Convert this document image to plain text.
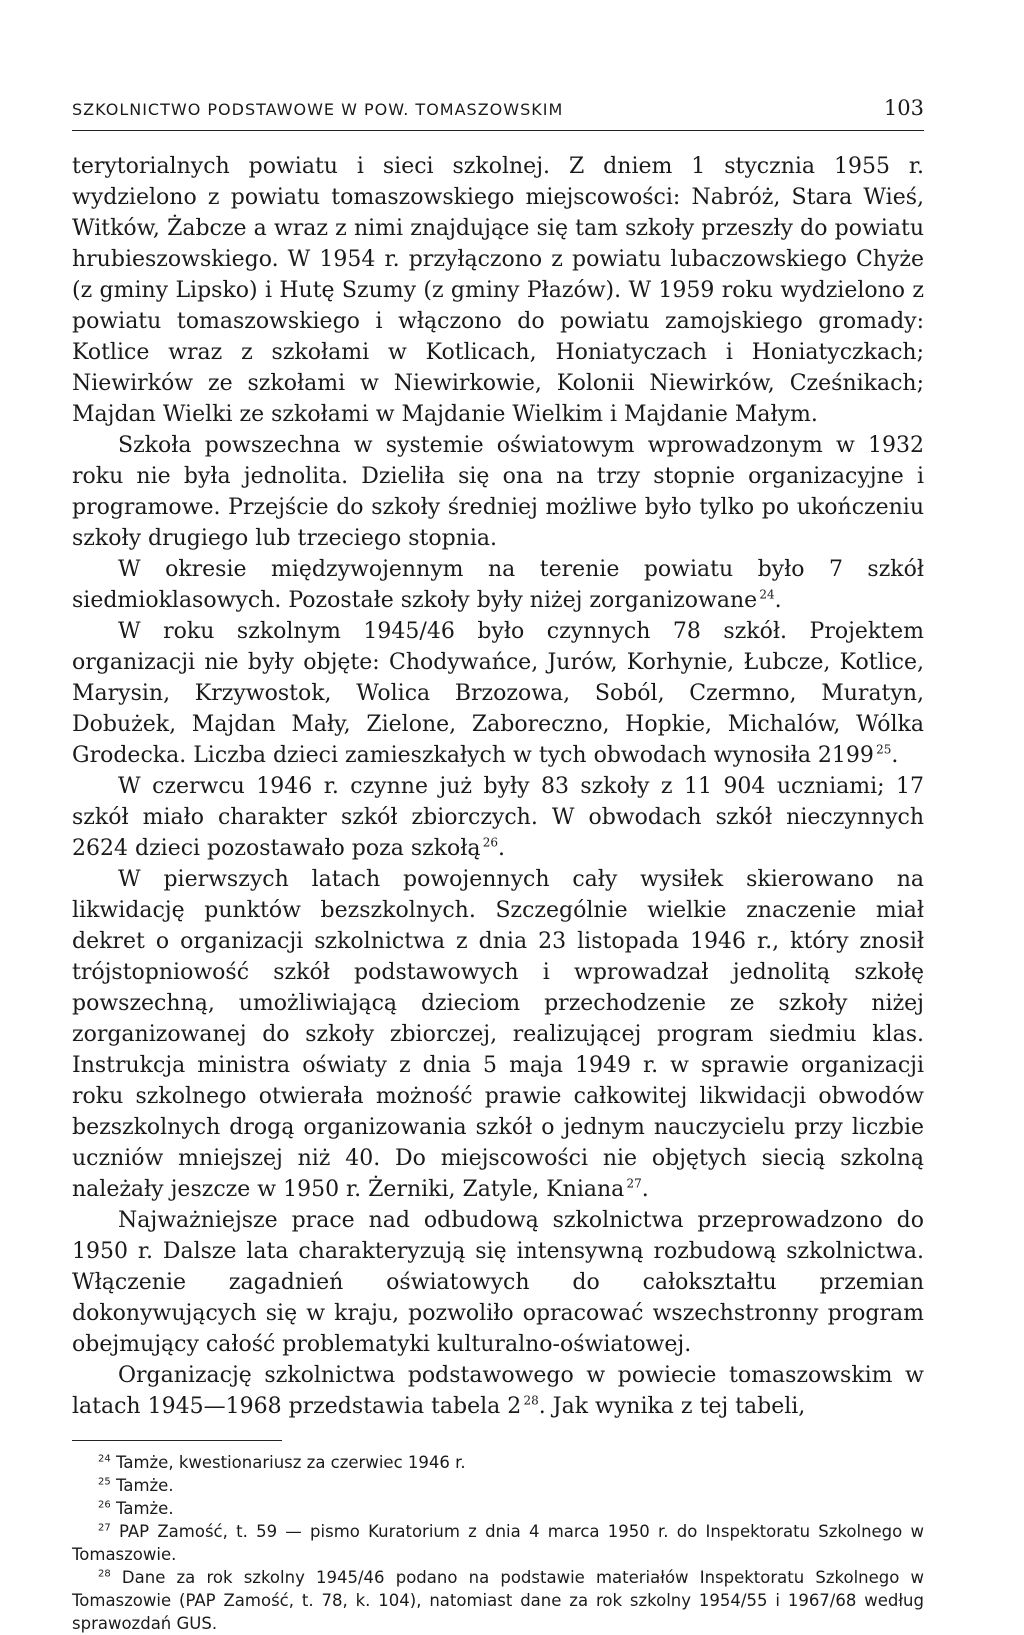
SZKOLNICTWO PODSTAWOWE W POW. TOMASZOWSKIM	103

terytorialnych powiatu i sieci szkolnej. Z dniem 1 stycznia 1955 r. wydzielono z powiatu tomaszowskiego miejscowości: Nabróż, Stara Wieś, Witków, Żabcze a wraz z nimi znajdujące się tam szkoły przeszły do powiatu hrubieszowskiego. W 1954 r. przyłączono z powiatu lubaczowskiego Chyże (z gminy Lipsko) i Hutę Szumy (z gminy Płazów). W 1959 roku wydzielono z powiatu tomaszowskiego i włączono do powiatu zamojskiego gromady: Kotlice wraz z szkołami w Kotlicach, Honiatyczach i Honiatyczkach; Niewirków ze szkołami w Niewirkowie, Kolonii Niewirków, Cześnikach; Majdan Wielki ze szkołami w Majdanie Wielkim i Majdanie Małym.

Szkoła powszechna w systemie oświatowym wprowadzonym w 1932 roku nie była jednolita. Dzieliła się ona na trzy stopnie organizacyjne i programowe. Przejście do szkoły średniej możliwe było tylko po ukończeniu szkoły drugiego lub trzeciego stopnia.

W okresie międzywojennym na terenie powiatu było 7 szkół siedmioklasowych. Pozostałe szkoły były niżej zorganizowane  $^{24}$.

W roku szkolnym 1945/46 było czynnych 78 szkół. Projektem organizacji nie były objęte: Chodywańce, Jurów, Korhynie, Łubcze, Kotlice, Marysin, Krzywostok, Wolica Brzozowa, Soból, Czermno, Muratyn, Dobużek, Majdan Mały, Zielone, Zaboreczno, Hopkie, Michalów, Wólka Grodecka. Liczba dzieci zamieszkałych w tych obwodach wynosiła 2199  $^{25}$.

W czerwcu 1946 r. czynne już były 83 szkoły z 11 904 uczniami; 17 szkół miało charakter szkół zbiorczych. W obwodach szkół nieczynnych 2624 dzieci pozostawało poza szkołą  $^{26}$.

W pierwszych latach powojennych cały wysiłek skierowano na likwidację punktów bezszkolnych. Szczególnie wielkie znaczenie miał dekret o organizacji szkolnictwa z dnia 23 listopada 1946 r., który znosił trójstopniowość szkół podstawowych i wprowadzał jednolitą szkołę powszechną, umożliwiającą dzieciom przechodzenie ze szkoły niżej zorganizowanej do szkoły zbiorczej, realizującej program siedmiu klas. Instrukcja ministra oświaty z dnia 5 maja 1949 r. w sprawie organizacji roku szkolnego otwierała możność prawie całkowitej likwidacji obwodów bezszkolnych drogą organizowania szkół o jednym nauczycielu przy liczbie uczniów mniejszej niż 40. Do miejscowości nie objętych siecią szkolną należały jeszcze w 1950 r. Żerniki, Zatyle, Kniana  $^{27}$.

Najważniejsze prace nad odbudową szkolnictwa przeprowadzono do 1950 r. Dalsze lata charakteryzują się intensywną rozbudową szkolnictwa. Włączenie zagadnień oświatowych do całokształtu przemian dokonywujących się w kraju, pozwoliło opracować wszechstronny program obejmujący całość problematyki kulturalno-oświatowej.

Organizację szkolnictwa podstawowego w powiecie tomaszowskim w latach 1945—1968 przedstawia tabela 2  $^{28}$. Jak wynika z tej tabeli,

$^{24}$ Tamże, kwestionariusz za czerwiec 1946 r.

$^{25}$ Tamże.

$^{26}$ Tamże.

$^{27}$ PAP Zamość, t. 59 — pismo Kuratorium z dnia 4 marca 1950 r. do Inspektoratu Szkolnego w Tomaszowie.

$^{28}$ Dane za rok szkolny 1945/46 podano na podstawie materiałów Inspektoratu Szkolnego w Tomaszowie (PAP Zamość, t. 78, k. 104), natomiast dane za rok szkolny 1954/55 i 1967/68 według sprawozdań GUS.
